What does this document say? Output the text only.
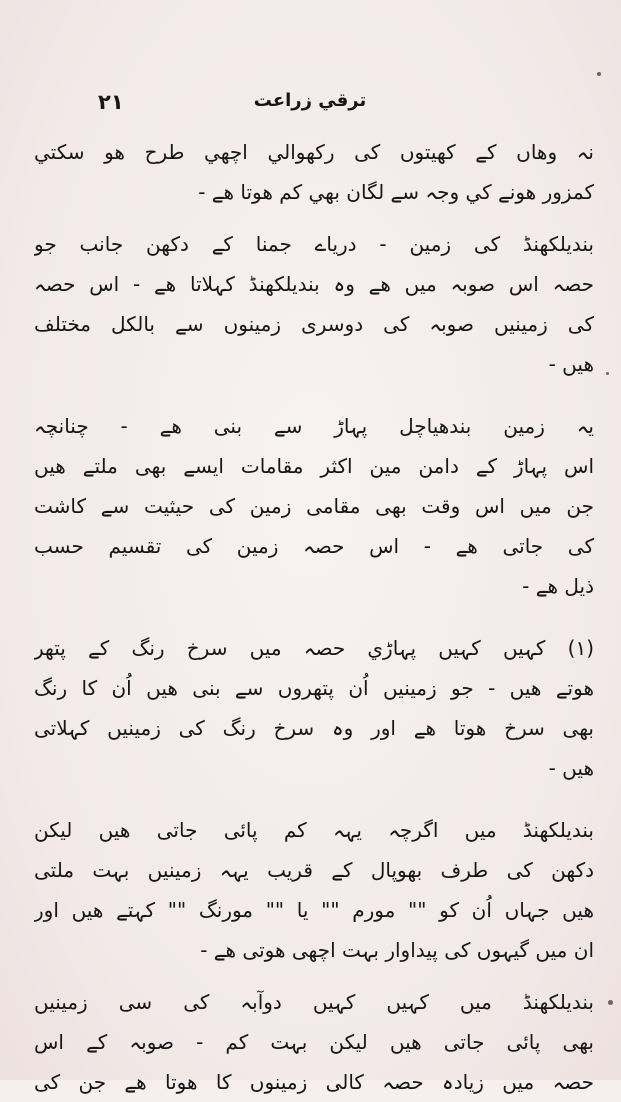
۲۱	ترقي زراعت
نہ وهاں کے کھیتوں کی رکھوالي اچھي طرح هو سکتي
کمزور هونے کي وجہ سے لگان بھي کم هوتا هے -
بندیلکھنڈ کی زمین - دریاے جمنا کے دکھن جانب جو
حصہ اس صوبہ میں هے وہ بندیلکھنڈ کہلاتا هے - اس حصہ
کی زمینیں صوبہ کی دوسری زمینوں سے بالکل مختلف
هیں -
یہ زمین بندهیاچل پہاڑ سے بنی هے - چنانچہ
اس پہاڑ کے دامن مین اکثر مقامات ایسے بھی ملتے هیں
جن میں اس وقت بھی مقامی زمین کی حیثیت سے کاشت
کی جاتی هے - اس حصہ زمین کی تقسیم حسب
ذیل هے -
(۱) کہیں کہیں پہاڑي حصہ میں سرخ رنگ کے پتھر
هوتے هیں - جو زمینیں اُن پتھروں سے بنی هیں اُن کا رنگ
بھی سرخ هوتا هے اور وہ سرخ رنگ کی زمینیں کہلاتی
هیں -
بندیلکھنڈ میں اگرچہ یہہ کم پائی جاتی هیں لیکن
دکھن کی طرف بھوپال کے قریب یہہ زمینیں بہت ملتی
هیں جہاں اُن کو "" مورم "" یا "" مورنگ "" کہتے هیں اور
ان میں گیہوں کی پیداوار بہت اچھی هوتی هے -
بندیلکھنڈ میں کہیں کہیں دوآبہ کی سی زمینیں
بھی پائی جاتی هیں لیکن بہت کم - صوبہ کے اس
حصہ میں زیادہ حصہ کالی زمینوں کا هوتا هے جن کی
